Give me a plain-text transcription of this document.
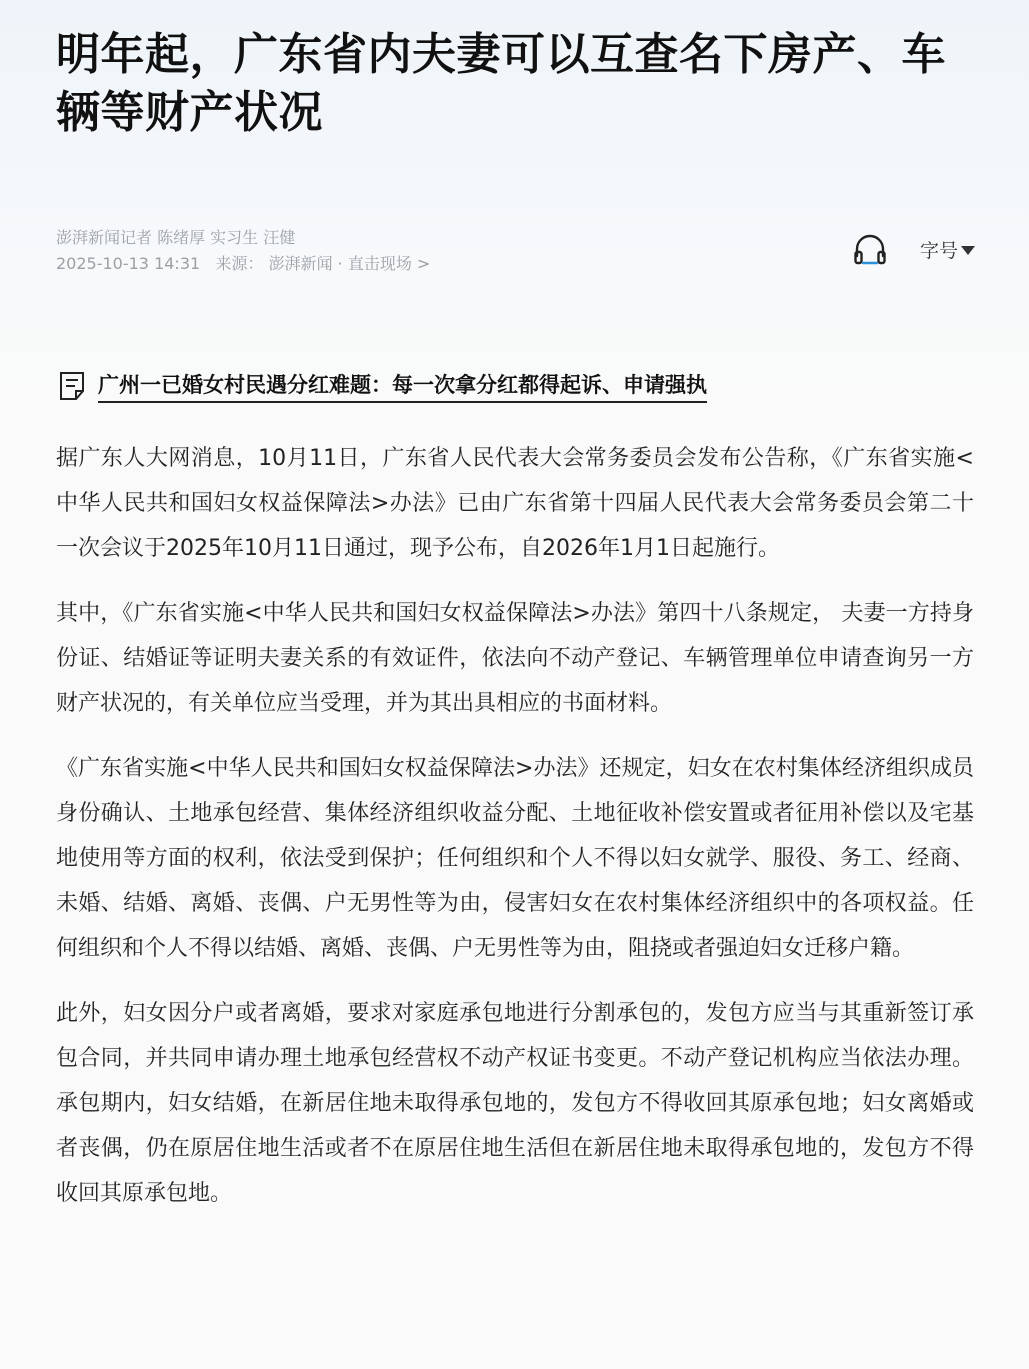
明年起，广东省内夫妻可以互查名下房产、车辆等财产状况
澎湃新闻记者 陈绪厚 实习生 汪健
2025-10-13 14:31 来源： 澎湃新闻 · 直击现场 >
字号
广州一已婚女村民遇分红难题：每一次拿分红都得起诉、申请强执

据广东人大网消息，10月11日，广东省人民代表大会常务委员会发布公告称，《广东省实施<中华人民共和国妇女权益保障法>办法》已由广东省第十四届人民代表大会常务委员会第二十一次会议于2025年10月11日通过，现予公布，自2026年1月1日起施行。

其中，《广东省实施<中华人民共和国妇女权益保障法>办法》第四十八条规定， 夫妻一方持身份证、结婚证等证明夫妻关系的有效证件，依法向不动产登记、车辆管理单位申请查询另一方财产状况的，有关单位应当受理，并为其出具相应的书面材料。

《广东省实施<中华人民共和国妇女权益保障法>办法》还规定，妇女在农村集体经济组织成员身份确认、土地承包经营、集体经济组织收益分配、土地征收补偿安置或者征用补偿以及宅基地使用等方面的权利，依法受到保护；任何组织和个人不得以妇女就学、服役、务工、经商、未婚、结婚、离婚、丧偶、户无男性等为由，侵害妇女在农村集体经济组织中的各项权益。任何组织和个人不得以结婚、离婚、丧偶、户无男性等为由，阻挠或者强迫妇女迁移户籍。

此外，妇女因分户或者离婚，要求对家庭承包地进行分割承包的，发包方应当与其重新签订承包合同，并共同申请办理土地承包经营权不动产权证书变更。不动产登记机构应当依法办理。承包期内，妇女结婚，在新居住地未取得承包地的，发包方不得收回其原承包地；妇女离婚或者丧偶，仍在原居住地生活或者不在原居住地生活但在新居住地未取得承包地的，发包方不得收回其原承包地。
